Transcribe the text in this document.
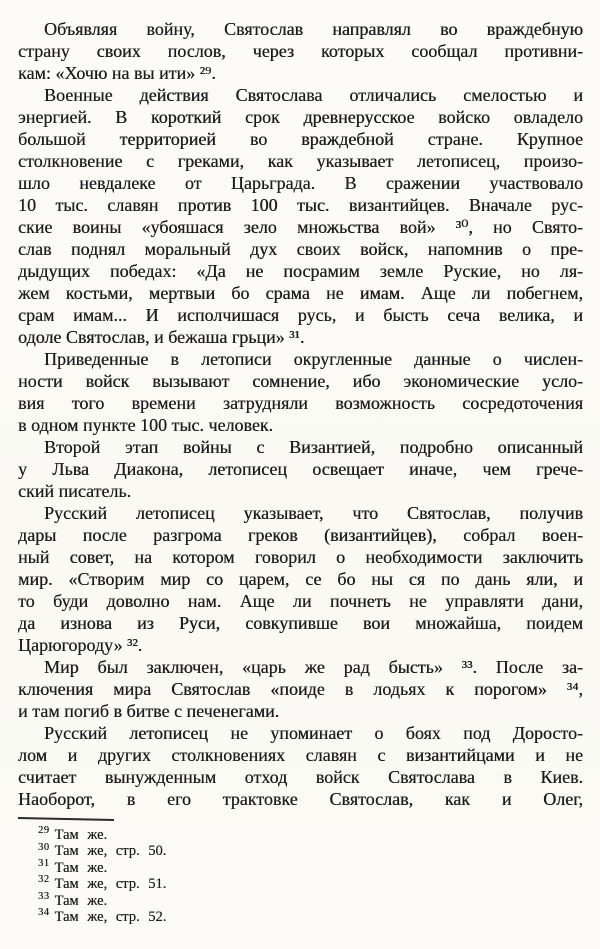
Объявляя войну, Святослав направлял во враждебную
страну своих послов, через которых сообщал противни-
кам: «Хочю на вы ити» ²⁹.
Военные действия Святослава отличались смелостью и
энергией. В короткий срок древнерусское войско овладело
большой территорией во враждебной стране. Крупное
столкновение с греками, как указывает летописец, произо-
шло невдалеке от Царьграда. В сражении участвовало
10 тыс. славян против 100 тыс. византийцев. Вначале рус-
ские воины «убояшася зело множьства вой» ³⁰, но Свято-
слав поднял моральный дух своих войск, напомнив о пре-
дыдущих победах: «Да не посрамим земле Руские, но ля-
жем костьми, мертвыи бо срама не имам. Аще ли побегнем,
срам имам... И исполчишася русь, и бысть сеча велика, и
одоле Святослав, и бежаша грьци» ³¹.
Приведенные в летописи округленные данные о числен-
ности войск вызывают сомнение, ибо экономические усло-
вия того времени затрудняли возможность сосредоточения
в одном пункте 100 тыс. человек.
Второй этап войны с Византией, подробно описанный
у Льва Диакона, летописец освещает иначе, чем грече-
ский писатель.
Русский летописец указывает, что Святослав, получив
дары после разгрома греков (византийцев), собрал воен-
ный совет, на котором говорил о необходимости заключить
мир. «Створим мир со царем, се бо ны ся по дань яли, и
то буди доволно нам. Аще ли почнеть не управляти дани,
да изнова из Руси, совкупивше вои множайша, поидем
Царюгороду» ³².
Мир был заключен, «царь же рад бысть» ³³. После за-
ключения мира Святослав «поиде в лодьях к порогом» ³⁴,
и там погиб в битве с печенегами.
Русский летописец не упоминает о боях под Доросто-
лом и других столкновениях славян с византийцами и не
считает вынужденным отход войск Святослава в Киев.
Наоборот, в его трактовке Святослав, как и Олег,
$^{29}$ Там же.
$^{30}$ Там же, стр. 50.
$^{31}$ Там же.
$^{32}$ Там же, стр. 51.
$^{33}$ Там же.
$^{34}$ Там же, стр. 52.
